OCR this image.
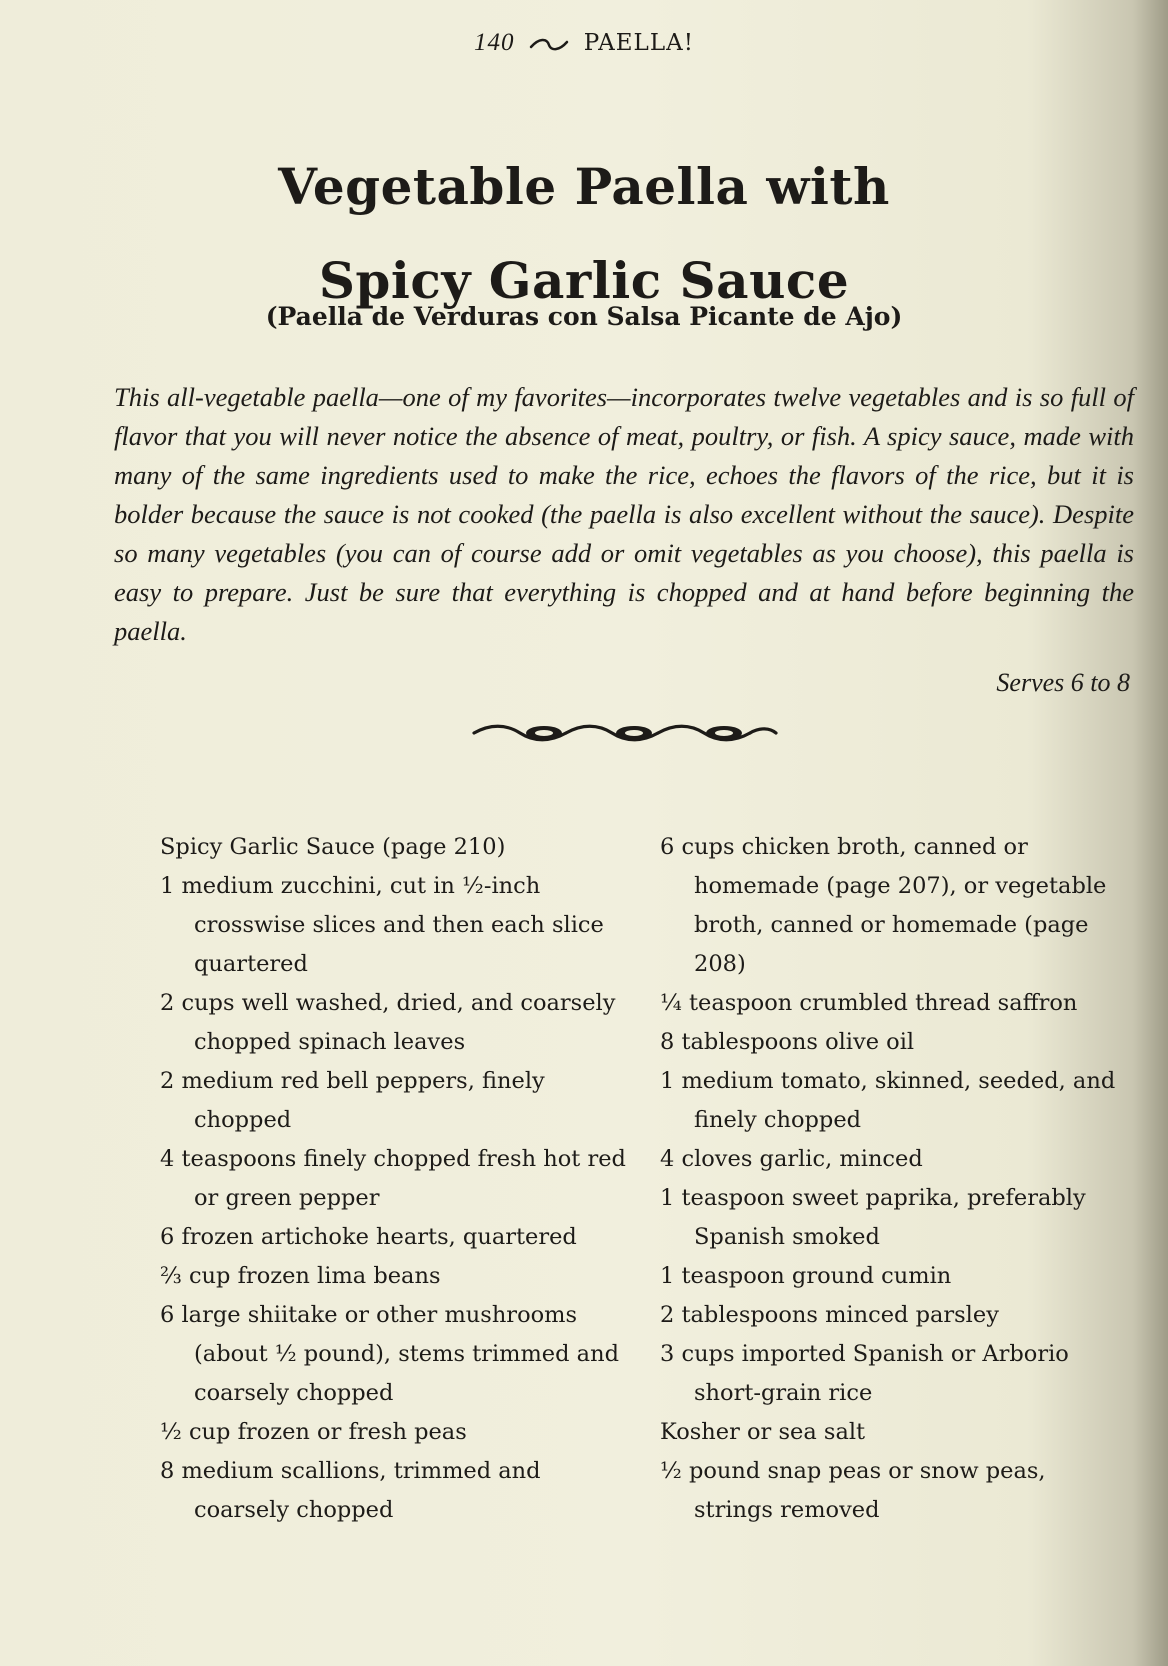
140	PAELLA!
Vegetable Paella with
Spicy Garlic Sauce
(Paella de Verduras con Salsa Picante de Ajo)
This all-vegetable paella—one of my favorites—incorporates twelve vegetables and is so full of flavor that you will never notice the absence of meat, poultry, or fish. A spicy sauce, made with many of the same ingredients used to make the rice, echoes the flavors of the rice, but it is bolder because the sauce is not cooked (the paella is also excellent without the sauce). Despite so many vegetables (you can of course add or omit vegetables as you choose), this paella is easy to prepare. Just be sure that everything is chopped and at hand before beginning the paella.
Serves 6 to 8
Spicy Garlic Sauce (page 210)
1 medium zucchini, cut in ½-inch crosswise slices and then each slice quartered
2 cups well washed, dried, and coarsely chopped spinach leaves
2 medium red bell peppers, finely chopped
4 teaspoons finely chopped fresh hot red or green pepper
6 frozen artichoke hearts, quartered
⅔ cup frozen lima beans
6 large shiitake or other mushrooms (about ½ pound), stems trimmed and coarsely chopped
½ cup frozen or fresh peas
8 medium scallions, trimmed and coarsely chopped
6 cups chicken broth, canned or homemade (page 207), or vegetable broth, canned or homemade (page 208)
¼ teaspoon crumbled thread saffron
8 tablespoons olive oil
1 medium tomato, skinned, seeded, and finely chopped
4 cloves garlic, minced
1 teaspoon sweet paprika, preferably Spanish smoked
1 teaspoon ground cumin
2 tablespoons minced parsley
3 cups imported Spanish or Arborio short-grain rice
Kosher or sea salt
½ pound snap peas or snow peas, strings removed
